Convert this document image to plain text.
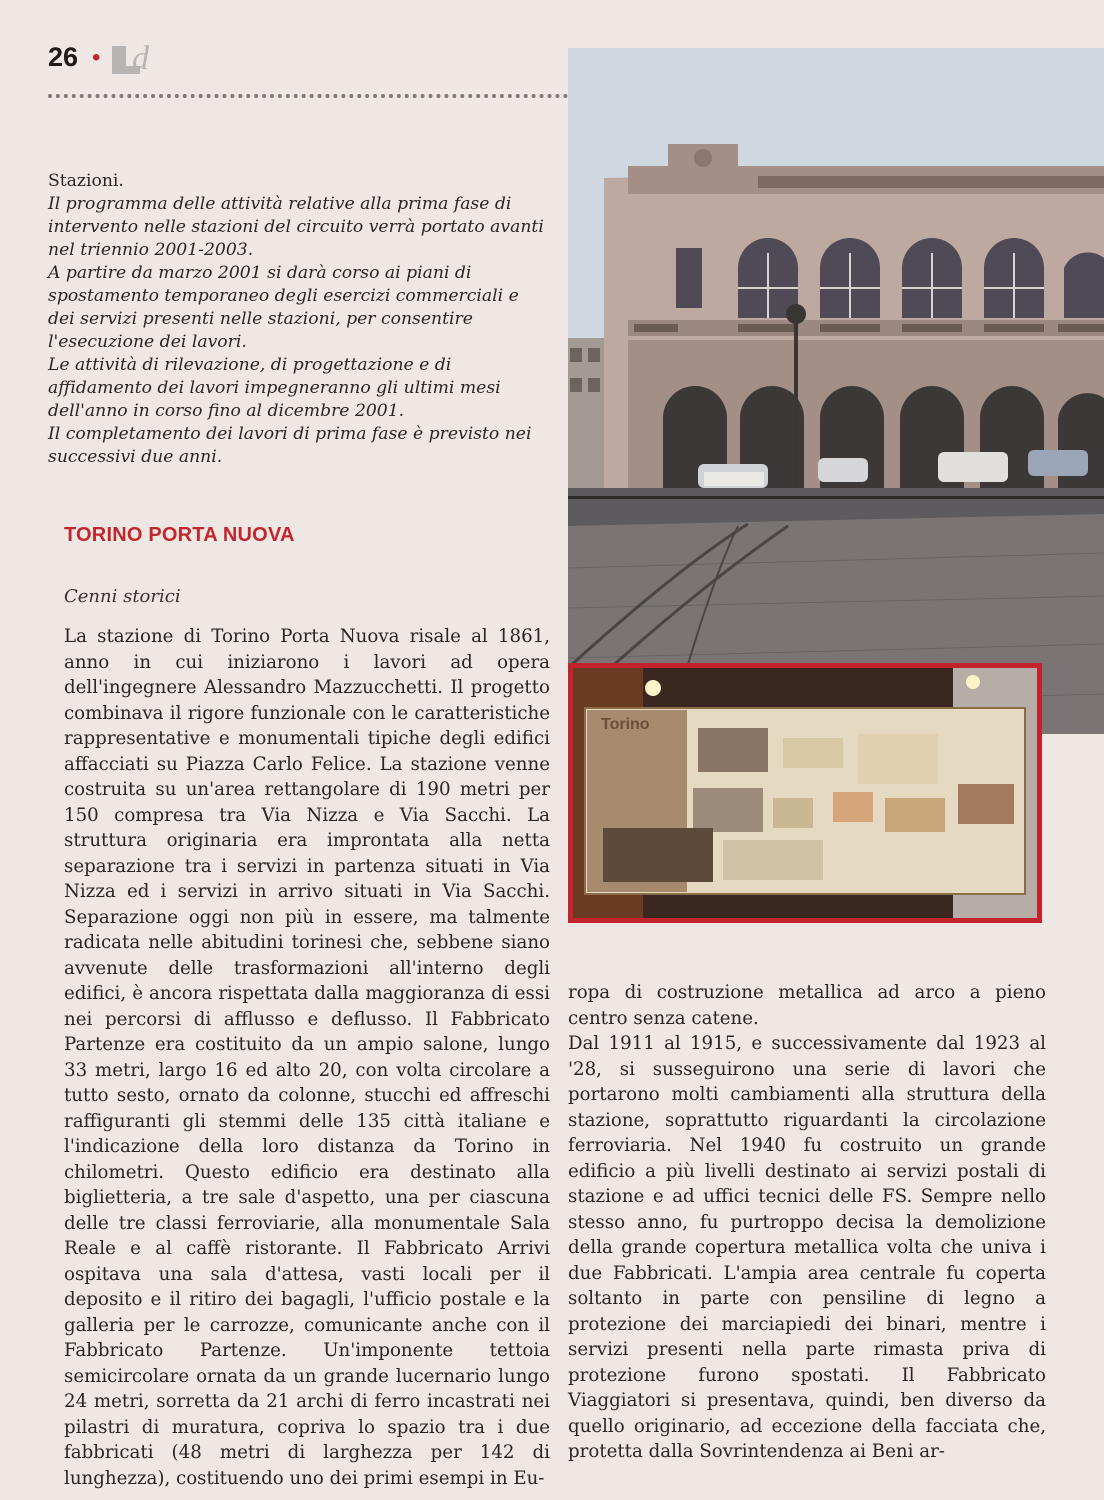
26 • d
Torino

Stazioni.

Il programma delle attività relative alla prima fase di intervento nelle stazioni del circuito verrà portato avanti nel triennio 2001-2003.

A partire da marzo 2001 si darà corso ai piani di spostamento temporaneo degli esercizi commerciali e dei servizi presenti nelle stazioni, per consentire l'esecuzione dei lavori.

Le attività di rilevazione, di progettazione e di affidamento dei lavori impegneranno gli ultimi mesi dell'anno in corso fino al dicembre 2001.

Il completamento dei lavori di prima fase è previsto nei successivi due anni.

TORINO PORTA NUOVA
Cenni storici

La stazione di Torino Porta Nuova risale al 1861, anno in cui iniziarono i lavori ad opera dell'ingegnere Alessandro Mazzucchetti. Il progetto combinava il rigore funzionale con le caratteristiche rappresentative e monumentali tipiche degli edifici affacciati su Piazza Carlo Felice. La stazione venne costruita su un'area rettangolare di 190 metri per 150 compresa tra Via Nizza e Via Sacchi. La struttura originaria era improntata alla netta separazione tra i servizi in partenza situati in Via Nizza ed i servizi in arrivo situati in Via Sacchi. Separazione oggi non più in essere, ma talmente radicata nelle abitudini torinesi che, sebbene siano avvenute delle trasformazioni all'interno degli edifici, è ancora rispettata dalla maggioranza di essi nei percorsi di afflusso e deflusso. Il Fabbricato Partenze era costituito da un ampio salone, lungo 33 metri, largo 16 ed alto 20, con volta circolare a tutto sesto, ornato da colonne, stucchi ed affreschi raffiguranti gli stemmi delle 135 città italiane e l'indicazione della loro distanza da Torino in chilometri. Questo edificio era destinato alla biglietteria, a tre sale d'aspetto, una per ciascuna delle tre classi ferroviarie, alla monumentale Sala Reale e al caffè ristorante. Il Fabbricato Arrivi ospitava una sala d'attesa, vasti locali per il deposito e il ritiro dei bagagli, l'ufficio postale e la galleria per le carrozze, comunicante anche con il Fabbricato Partenze. Un'imponente tettoia semicircolare ornata da un grande lucernario lungo 24 metri, sorretta da 21 archi di ferro incastrati nei pilastri di muratura, copriva lo spazio tra i due fabbricati (48 metri di larghezza per 142 di lunghezza), costituendo uno dei primi esempi in Eu-

ropa di costruzione metallica ad arco a pieno centro senza catene.

Dal 1911 al 1915, e successivamente dal 1923 al '28, si susseguirono una serie di lavori che portarono molti cambiamenti alla struttura della stazione, soprattutto riguardanti la circolazione ferroviaria. Nel 1940 fu costruito un grande edificio a più livelli destinato ai servizi postali di stazione e ad uffici tecnici delle FS. Sempre nello stesso anno, fu purtroppo decisa la demolizione della grande copertura metallica volta che univa i due Fabbricati. L'ampia area centrale fu coperta soltanto in parte con pensiline di legno a protezione dei marciapiedi dei binari, mentre i servizi presenti nella parte rimasta priva di protezione furono spostati. Il Fabbricato Viaggiatori si presentava, quindi, ben diverso da quello originario, ad eccezione della facciata che, protetta dalla Sovrintendenza ai Beni ar-
